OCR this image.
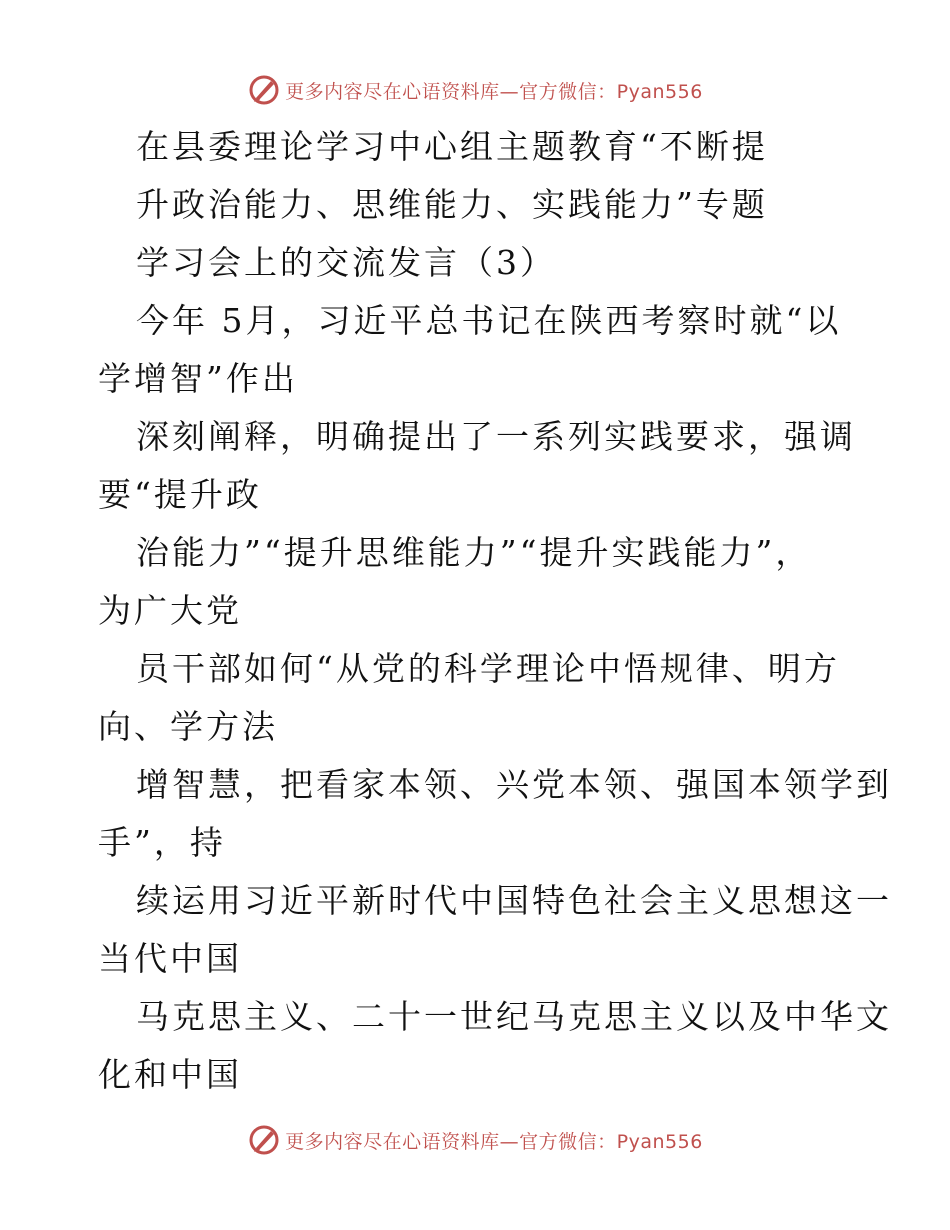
更多内容尽在心语资料库—官方微信：Pyan556
在县委理论学习中心组主题教育“不断提
升政治能力、思维能力、实践能力”专题
学习会上的交流发言（3）
今年 5月，习近平总书记在陕西考察时就“以
学增智”作出
深刻阐释，明确提出了一系列实践要求，强调
要“提升政
治能力”“提升思维能力”“提升实践能力”，
为广大党
员干部如何“从党的科学理论中悟规律、明方
向、学方法
增智慧，把看家本领、兴党本领、强国本领学到
手”，持
续运用习近平新时代中国特色社会主义思想这一
当代中国
马克思主义、二十一世纪马克思主义以及中华文
化和中国
更多内容尽在心语资料库—官方微信：Pyan556
